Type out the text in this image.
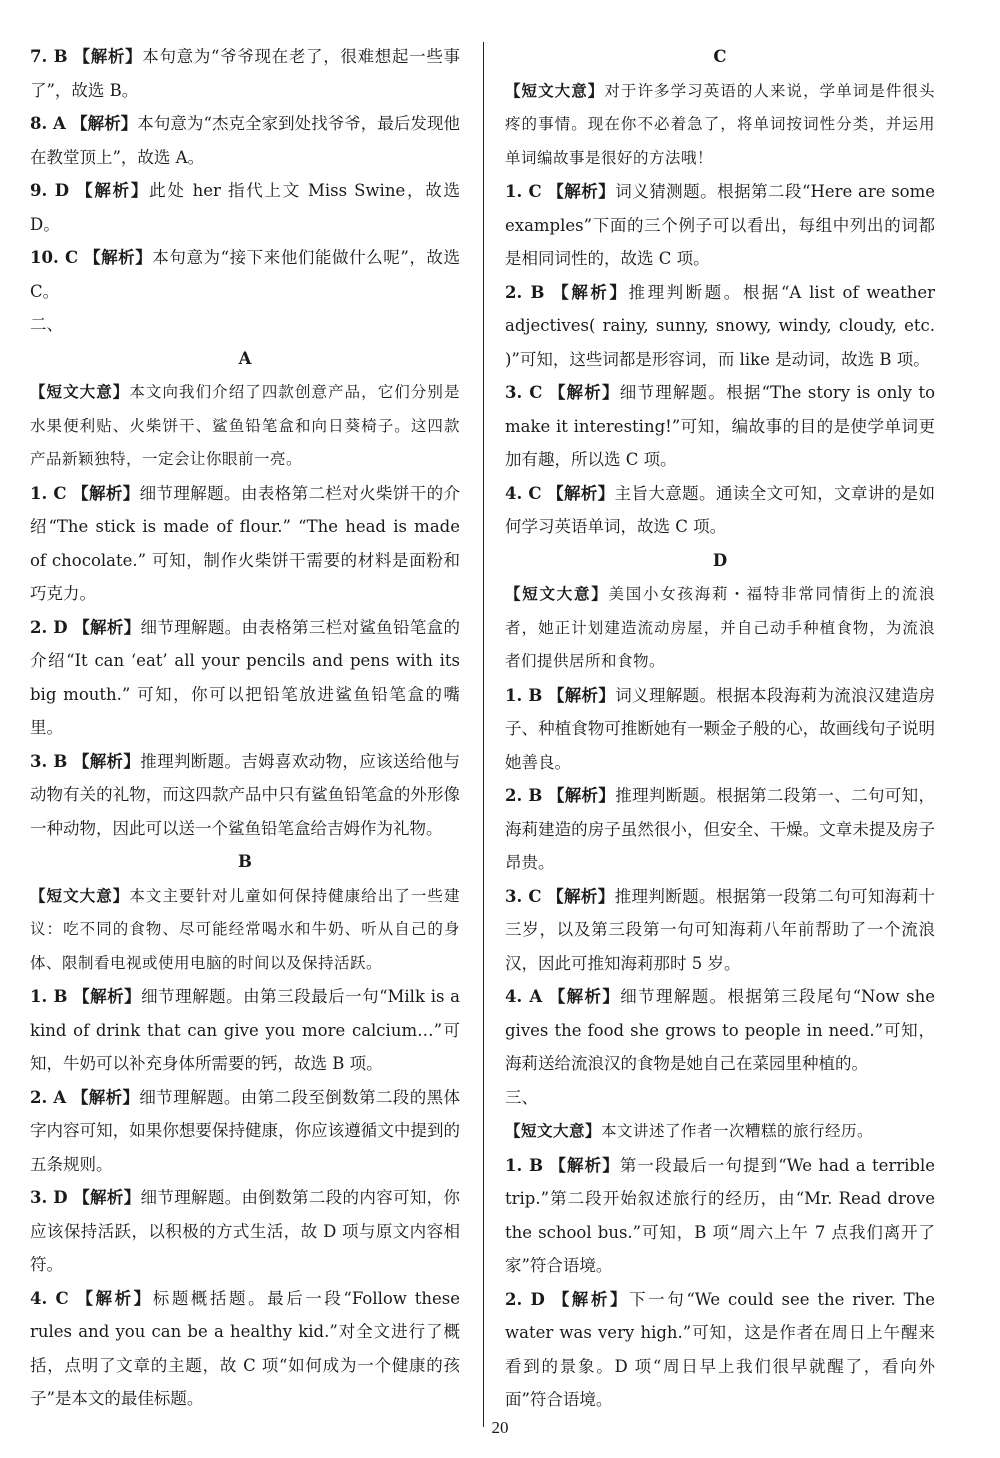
7. B 【解析】本句意为“爷爷现在老了，很难想起一些事了”，故选 B。

8. A 【解析】本句意为“杰克全家到处找爷爷，最后发现他在教堂顶上”，故选 A。

9. D 【解析】此处 her 指代上文 Miss Swine，故选 D。

10. C 【解析】本句意为“接下来他们能做什么呢”，故选 C。

二、

A

【短文大意】本文向我们介绍了四款创意产品，它们分别是水果便利贴、火柴饼干、鲨鱼铅笔盒和向日葵椅子。这四款产品新颖独特，一定会让你眼前一亮。

1. C 【解析】细节理解题。由表格第二栏对火柴饼干的介绍“The stick is made of flour.” “The head is made of chocolate.” 可知，制作火柴饼干需要的材料是面粉和巧克力。

2. D 【解析】细节理解题。由表格第三栏对鲨鱼铅笔盒的介绍“It can ‘eat’ all your pencils and pens with its big mouth.” 可知，你可以把铅笔放进鲨鱼铅笔盒的嘴里。

3. B 【解析】推理判断题。吉姆喜欢动物，应该送给他与动物有关的礼物，而这四款产品中只有鲨鱼铅笔盒的外形像一种动物，因此可以送一个鲨鱼铅笔盒给吉姆作为礼物。

B

【短文大意】本文主要针对儿童如何保持健康给出了一些建议：吃不同的食物、尽可能经常喝水和牛奶、听从自己的身体、限制看电视或使用电脑的时间以及保持活跃。

1. B 【解析】细节理解题。由第三段最后一句“Milk is a kind of drink that can give you more calcium…”可知，牛奶可以补充身体所需要的钙，故选 B 项。

2. A 【解析】细节理解题。由第二段至倒数第二段的黑体字内容可知，如果你想要保持健康，你应该遵循文中提到的五条规则。

3. D 【解析】细节理解题。由倒数第二段的内容可知，你应该保持活跃，以积极的方式生活，故 D 项与原文内容相符。

4. C 【解析】标题概括题。最后一段“Follow these rules and you can be a healthy kid.”对全文进行了概括，点明了文章的主题，故 C 项“如何成为一个健康的孩子”是本文的最佳标题。

C

【短文大意】对于许多学习英语的人来说，学单词是件很头疼的事情。现在你不必着急了，将单词按词性分类，并运用单词编故事是很好的方法哦！

1. C 【解析】词义猜测题。根据第二段“Here are some examples”下面的三个例子可以看出，每组中列出的词都是相同词性的，故选 C 项。

2. B 【解析】推理判断题。根据“A list of weather adjectives( rainy, sunny, snowy, windy, cloudy, etc. )”可知，这些词都是形容词，而 like 是动词，故选 B 项。

3. C 【解析】细节理解题。根据“The story is only to make it interesting!”可知，编故事的目的是使学单词更加有趣，所以选 C 项。

4. C 【解析】主旨大意题。通读全文可知，文章讲的是如何学习英语单词，故选 C 项。

D

【短文大意】美国小女孩海莉・福特非常同情街上的流浪者，她正计划建造流动房屋，并自己动手种植食物，为流浪者们提供居所和食物。

1. B 【解析】词义理解题。根据本段海莉为流浪汉建造房子、种植食物可推断她有一颗金子般的心，故画线句子说明她善良。

2. B 【解析】推理判断题。根据第二段第一、二句可知，海莉建造的房子虽然很小，但安全、干燥。文章未提及房子昂贵。

3. C 【解析】推理判断题。根据第一段第二句可知海莉十三岁，以及第三段第一句可知海莉八年前帮助了一个流浪汉，因此可推知海莉那时 5 岁。

4. A 【解析】细节理解题。根据第三段尾句“Now she gives the food she grows to people in need.”可知，海莉送给流浪汉的食物是她自己在菜园里种植的。

三、

【短文大意】本文讲述了作者一次糟糕的旅行经历。

1. B 【解析】第一段最后一句提到“We had a terrible trip.”第二段开始叙述旅行的经历，由“Mr. Read drove the school bus.”可知，B 项“周六上午 7 点我们离开了家”符合语境。

2. D 【解析】下一句“We could see the river. The water was very high.”可知，这是作者在周日上午醒来看到的景象。D 项“周日早上我们很早就醒了，看向外面”符合语境。

20
